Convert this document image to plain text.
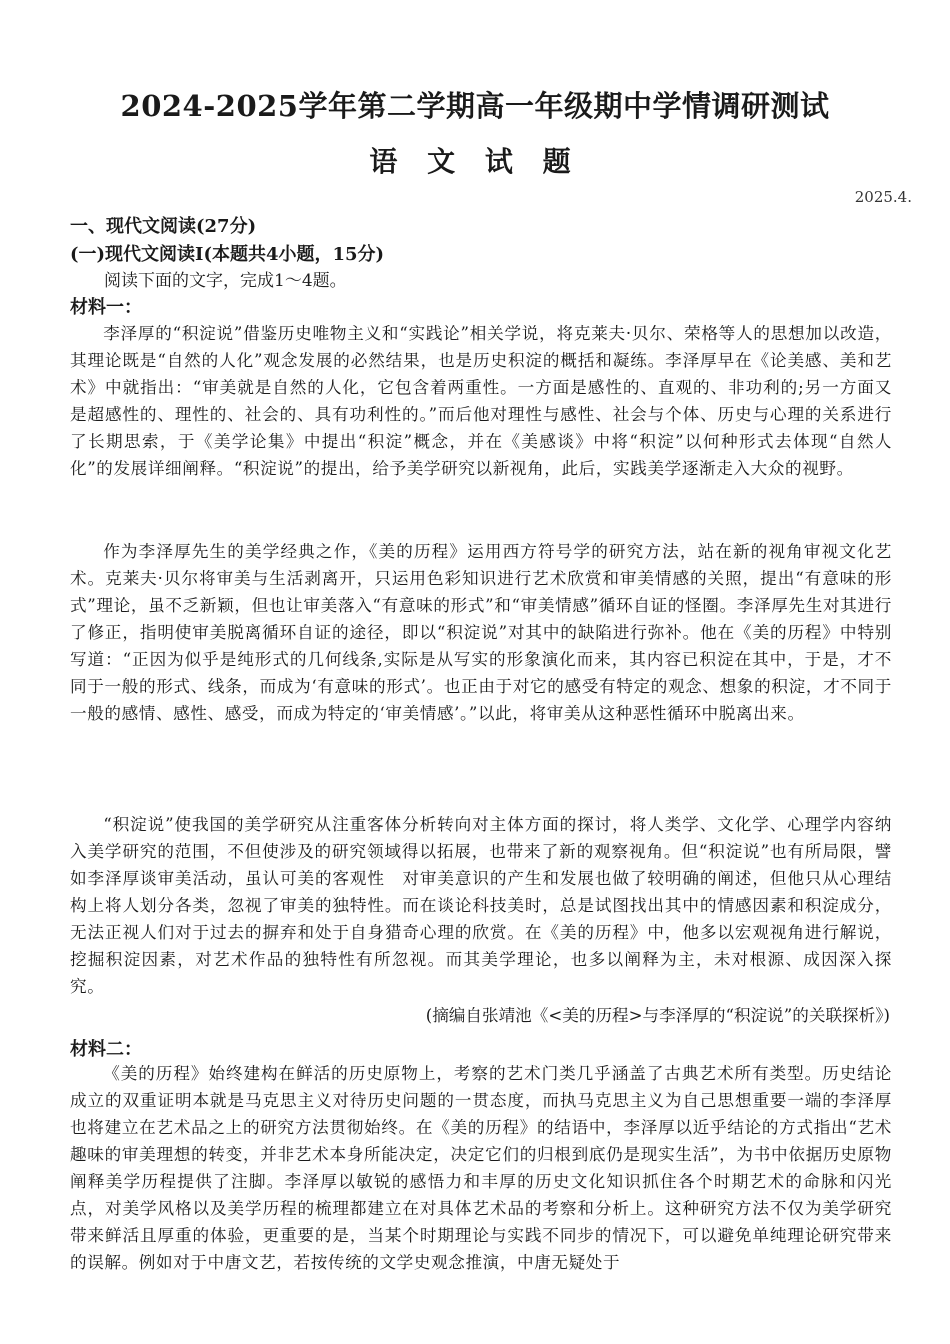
2024-2025学年第二学期高一年级期中学情调研测试
语 文 试 题
2025.4.
一、现代文阅读(27分)
(一)现代文阅读Ⅰ(本题共4小题，15分)
阅读下面的文字，完成1～4题。
材料一：

李泽厚的“积淀说”借鉴历史唯物主义和“实践论”相关学说，将克莱夫·贝尔、荣格等人的思想加以改造，其理论既是“自然的人化”观念发展的必然结果，也是历史积淀的概括和凝练。李泽厚早在《论美感、美和艺术》中就指出：“审美就是自然的人化，它包含着两重性。一方面是感性的、直观的、非功利的;另一方面又是超感性的、理性的、社会的、具有功利性的。”而后他对理性与感性、社会与个体、历史与心理的关系进行了长期思索，于《美学论集》中提出“积淀”概念，并在《美感谈》中将“积淀”以何种形式去体现“自然人化”的发展详细阐释。“积淀说”的提出，给予美学研究以新视角，此后，实践美学逐渐走入大众的视野。

作为李泽厚先生的美学经典之作，《美的历程》运用西方符号学的研究方法，站在新的视角审视文化艺术。克莱夫·贝尔将审美与生活剥离开，只运用色彩知识进行艺术欣赏和审美情感的关照，提出“有意味的形式”理论，虽不乏新颖，但也让审美落入“有意味的形式”和“审美情感”循环自证的怪圈。李泽厚先生对其进行了修正，指明使审美脱离循环自证的途径，即以“积淀说”对其中的缺陷进行弥补。他在《美的历程》中特别写道：“正因为似乎是纯形式的几何线条,实际是从写实的形象演化而来，其内容已积淀在其中，于是，才不同于一般的形式、线条，而成为‘有意味的形式’。也正由于对它的感受有特定的观念、想象的积淀，才不同于一般的感情、感性、感受，而成为特定的‘审美情感’。”以此，将审美从这种恶性循环中脱离出来。

“积淀说”使我国的美学研究从注重客体分析转向对主体方面的探讨，将人类学、文化学、心理学内容纳入美学研究的范围，不但使涉及的研究领域得以拓展，也带来了新的观察视角。但“积淀说”也有所局限，譬如李泽厚谈审美活动，虽认可美的客观性　对审美意识的产生和发展也做了较明确的阐述，但他只从心理结构上将人划分各类，忽视了审美的独特性。而在谈论科技美时，总是试图找出其中的情感因素和积淀成分，无法正视人们对于过去的摒弃和处于自身猎奇心理的欣赏。在《美的历程》中，他多以宏观视角进行解说，挖掘积淀因素，对艺术作品的独特性有所忽视。而其美学理论，也多以阐释为主，未对根源、成因深入探究。

(摘编自张靖池《<美的历程>与李泽厚的“积淀说”的关联探析》)
材料二：

《美的历程》始终建构在鲜活的历史原物上，考察的艺术门类几乎涵盖了古典艺术所有类型。历史结论成立的双重证明本就是马克思主义对待历史问题的一贯态度，而执马克思主义为自己思想重要一端的李泽厚也将建立在艺术品之上的研究方法贯彻始终。在《美的历程》的结语中，李泽厚以近乎结论的方式指出“艺术趣味的审美理想的转变，并非艺术本身所能决定，决定它们的归根到底仍是现实生活”，为书中依据历史原物阐释美学历程提供了注脚。李泽厚以敏锐的感悟力和丰厚的历史文化知识抓住各个时期艺术的命脉和闪光点，对美学风格以及美学历程的梳理都建立在对具体艺术品的考察和分析上。这种研究方法不仅为美学研究带来鲜活且厚重的体验，更重要的是，当某个时期理论与实践不同步的情况下，可以避免单纯理论研究带来的误解。例如对于中唐文艺，若按传统的文学史观念推演，中唐无疑处于
